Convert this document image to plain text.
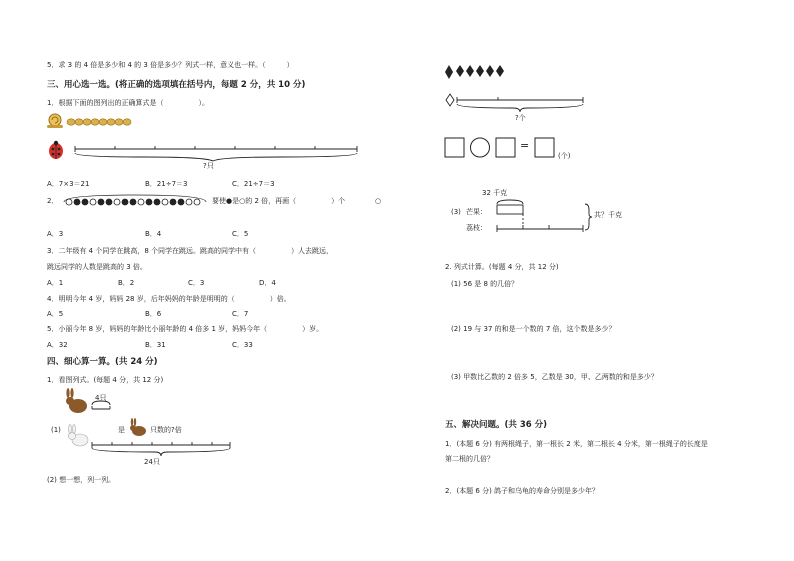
5．求 3 的 4 倍是多少和 4 的 3 倍是多少？列式一样，意义也一样。（　　　）
三、用心选一选。(将正确的选项填在括号内，每题 2 分，共 10 分)
1．根据下面的图列出的正确算式是（　　　　　）。
?只
A．7×3＝21	B．21÷7＝3	C．21÷7＝3
2．	要使●是○的 2 倍，再画（　　　　　）个	○
A．3	B．4	C．5
3．二年级有 4 个同学在跳高，8 个同学在跳远。跳高的同学中有（　　　　　）人去跳远，
跳远同学的人数是跳高的 3 倍。
A．1	B．2	C．3	D．4
4．明明今年 4 岁，妈妈 28 岁，后年妈妈的年龄是明明的（　　　　　）倍。
A．5	B．6	C．7
5．小丽今年 8 岁，妈妈的年龄比小丽年龄的 4 倍多 1 岁，妈妈今年（　　　　　）岁。
A．32	B．31	C．33
四、细心算一算。(共 24 分)
1．看图列式。(每题 4 分，共 12 分)
4只
(1)	是	只数的?倍
24只
(2) 想一想，列一列。
?个
=
(个)
32 千克
(3) 芒果：
荔枝：
共？千克
2. 列式计算。(每题 4 分，共 12 分)
(1) 56 是 8 的几倍？
(2) 19 与 37 的和是一个数的 7 倍，这个数是多少？
(3) 甲数比乙数的 2 倍多 5，乙数是 30，甲、乙两数的和是多少？
五、解决问题。(共 36 分)
1．(本题 6 分) 有两根绳子，第一根长 2 米，第二根长 4 分米，第一根绳子的长度是
第二根的几倍？
2．(本题 6 分) 鸽子和乌龟的寿命分别是多少年？
